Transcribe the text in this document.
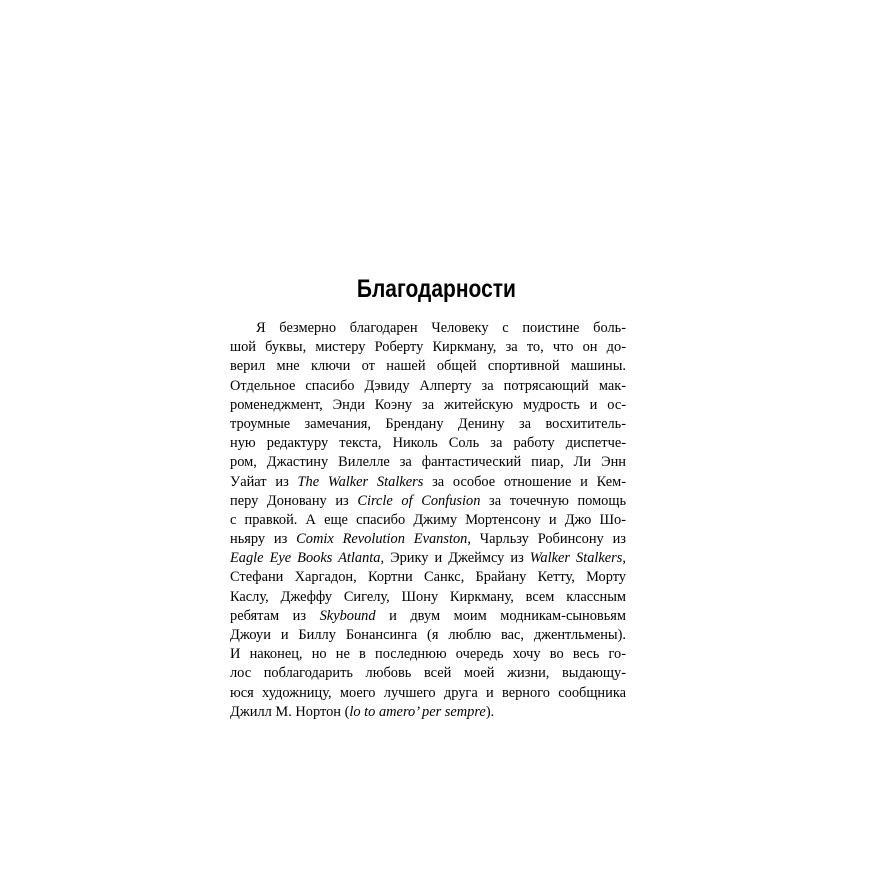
Благодарности
Я безмерно благодарен Человеку с поистине боль-
шой буквы, мистеру Роберту Киркману, за то, что он до-
верил мне ключи от нашей общей спортивной машины.
Отдельное спасибо Дэвиду Алперту за потрясающий мак-
роменеджмент, Энди Коэну за житейскую мудрость и ос-
троумные замечания, Брендану Денину за восхититель-
ную редактуру текста, Николь Соль за работу диспетче-
ром, Джастину Вилелле за фантастический пиар, Ли Энн
Уайат из The Walker Stalkers за особое отношение и Кем-
перу Доновану из Circle of Confusion за точечную помощь
с правкой. А еще спасибо Джиму Мортенсону и Джо Шо-
ньяру из Comix Revolution Evanston, Чарльзу Робинсону из
Eagle Eye Books Atlanta, Эрику и Джеймсу из Walker Stalkers,
Стефани Харгадон, Кортни Санкс, Брайану Кетту, Морту
Каслу, Джеффу Сигелу, Шону Киркману, всем классным
ребятам из Skybound и двум моим модникам-сыновьям
Джоуи и Биллу Бонансинга (я люблю вас, джентльмены).
И наконец, но не в последнюю очередь хочу во весь го-
лос поблагодарить любовь всей моей жизни, выдающу-
юся художницу, моего лучшего друга и верного сообщника
Джилл М. Нортон (lo to amero’ per sempre).
